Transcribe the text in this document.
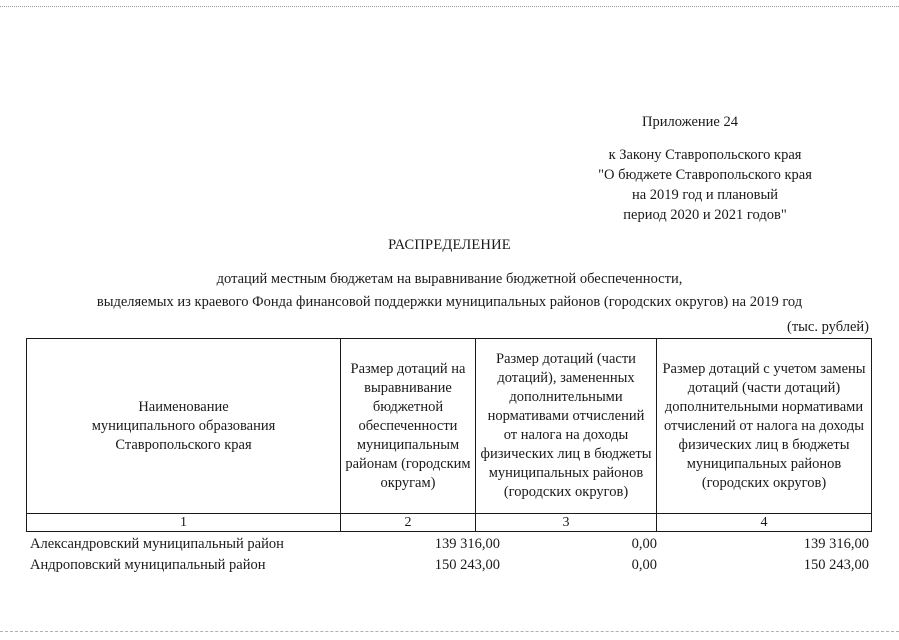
Приложение 24
к Закону Ставропольского края
"О бюджете Ставропольского края
на 2019 год и плановый
период 2020 и 2021 годов"
РАСПРЕДЕЛЕНИЕ
дотаций местным бюджетам на выравнивание бюджетной обеспеченности,
выделяемых из краевого Фонда финансовой поддержки муниципальных районов (городских округов) на 2019 год
(тыс. рублей)
Наименование муниципального образования Ставропольского края	Размер дотаций на выравнивание бюджетной обеспеченности муниципальным районам (городским округам)	Размер дотаций (части дотаций), замененных дополнительными нормативами отчислений от налога на доходы физических лиц в бюджеты муниципальных районов (городских округов)	Размер дотаций с учетом замены дотаций (части дотаций) дополнительными нормативами отчислений от налога на доходы физических лиц в бюджеты муниципальных районов (городских округов)
1	2	3	4
Александровский муниципальный район	139 316,00	0,00	139 316,00
Андроповский муниципальный район	150 243,00	0,00	150 243,00
